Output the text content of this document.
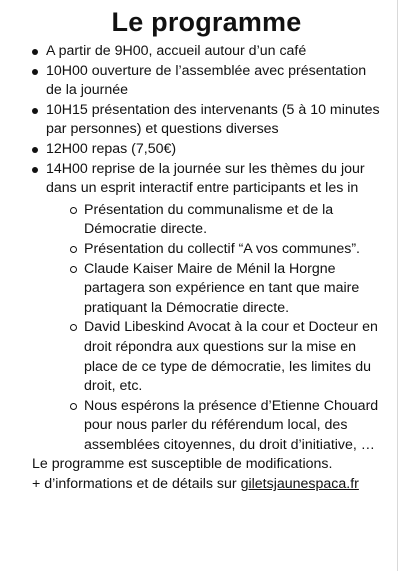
Le programme
A partir de 9H00, accueil autour d’un café
10H00 ouverture de l’assemblée avec présentation de la journée
10H15 présentation des intervenants (5 à 10 minutes par personnes) et questions diverses
12H00 repas (7,50€)
14H00 reprise de la journée sur les thèmes du jour dans un esprit interactif entre participants et les in
Présentation du communalisme et de la Démocratie directe.
Présentation du collectif “A vos communes”.
Claude Kaiser Maire de Ménil la Horgne partagera son expérience en tant que maire pratiquant la Démocratie directe.
David Libeskind Avocat à la cour et Docteur en droit répondra aux questions sur la mise en place de ce type de démocratie, les limites du droit, etc.
Nous espérons la présence d’Etienne Chouard pour nous parler du référendum local, des assemblées citoyennes, du droit d’initiative, …
Le programme est susceptible de modifications.
+ d’informations et de détails sur giletsjaunespaca.fr
